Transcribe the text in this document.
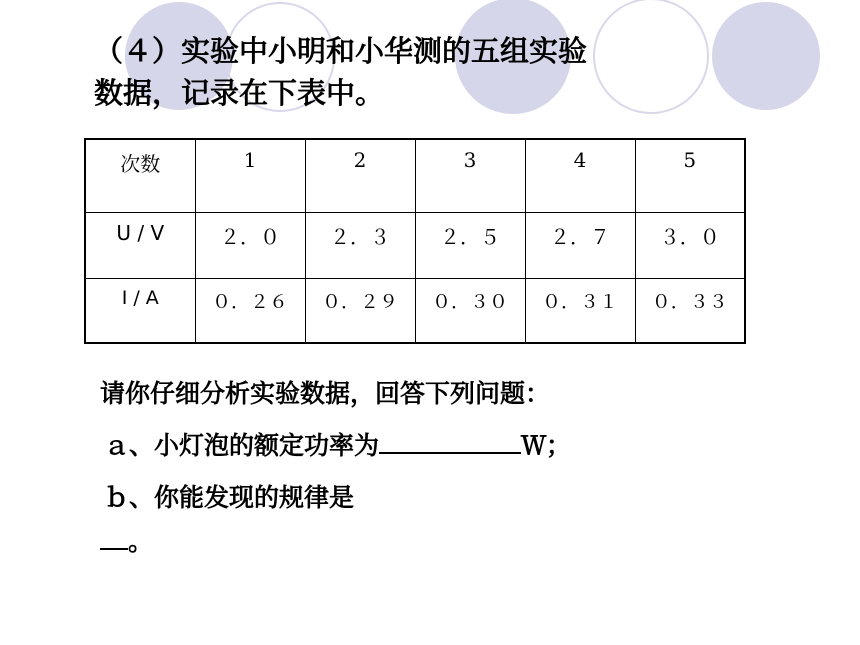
（４）实验中小明和小华测的五组实验
数据，记录在下表中。
次数	1	2	3	4	5
U / V	２．０	２．３	２．５	２．７	３．０
I / A	０．２６	０．２９	０．３０	０．３１	０．３３
请你仔细分析实验数据，回答下列问题：
ａ、小灯泡的额定功率为	Ｗ；
ｂ、你能发现的规律是
。
